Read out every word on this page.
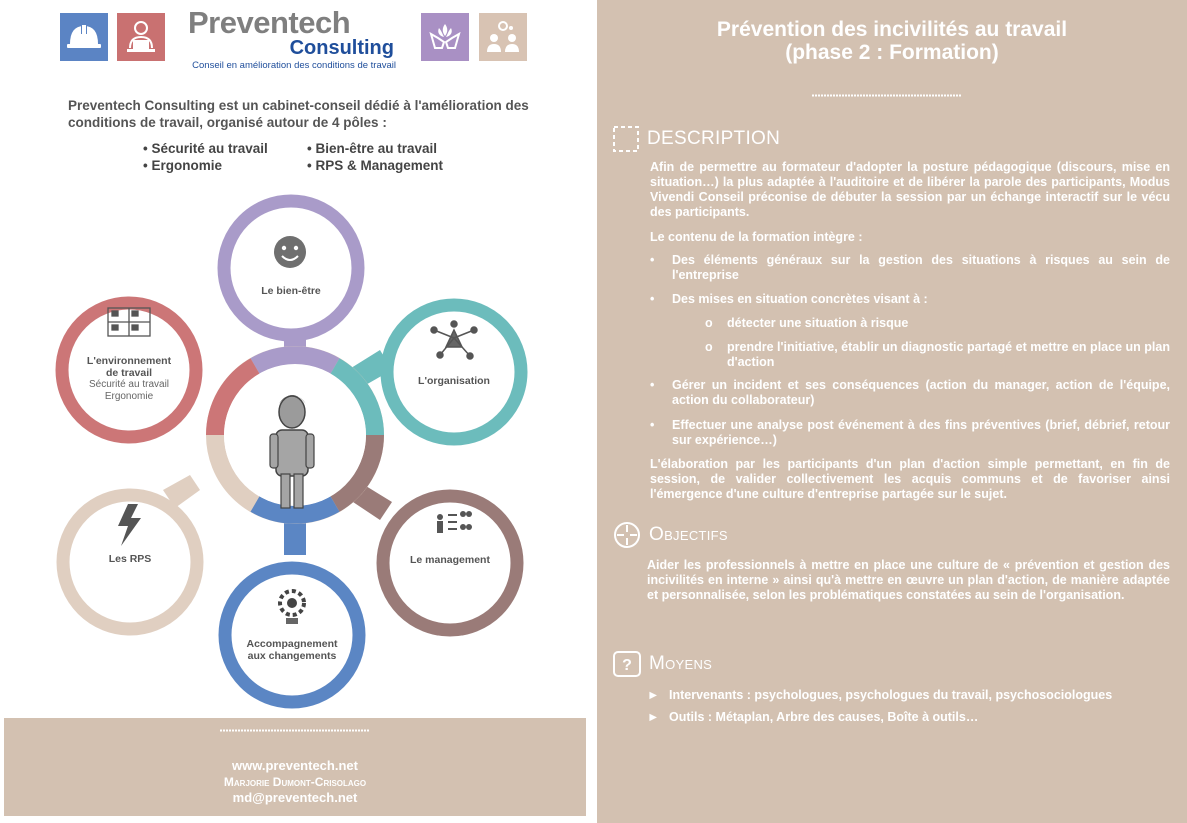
Preventech
Consulting
Conseil en amélioration des conditions de travail
Preventech Consulting est un cabinet-conseil dédié à l'amélioration des conditions de travail, organisé autour de 4 pôles :
• Sécurité au travail
• Ergonomie
• Bien-être au travail
• RPS & Management
Le bien-être
L'organisation
Le management
Accompagnement
aux changements
Les RPS
L'environnement
de travail
Sécurité au travail
Ergonomie
www.preventech.net
Marjorie Dumont-Crisolago
md@preventech.net
Prévention des incivilités au travail
(phase 2 : Formation)
DESCRIPTION
Afin de permettre au formateur d'adopter la posture pédagogique (discours, mise en situation…) la plus adaptée à l'auditoire et de libérer la parole des participants, Modus Vivendi Conseil préconise de débuter la session par un échange interactif sur le vécu des participants.
Le contenu de la formation intègre :
• Des éléments généraux sur la gestion des situations à risques au sein de l'entreprise
• Des mises en situation concrètes visant à :
o détecter une situation à risque
o prendre l'initiative, établir un diagnostic partagé et mettre en place un plan d'action
• Gérer un incident et ses conséquences (action du manager, action de l'équipe, action du collaborateur)
• Effectuer une analyse post événement à des fins préventives (brief, débrief, retour sur expérience…)
L'élaboration par les participants d'un plan d'action simple permettant, en fin de session, de valider collectivement les acquis communs et de favoriser ainsi l'émergence d'une culture d'entreprise partagée sur le sujet.
Objectifs
Aider les professionnels à mettre en place une culture de « prévention et gestion des incivilités en interne » ainsi qu'à mettre en œuvre un plan d'action, de manière adaptée et personnalisée, selon les problématiques constatées au sein de l'organisation.
? Moyens
► Intervenants : psychologues, psychologues du travail, psychosociologues
► Outils : Métaplan, Arbre des causes, Boîte à outils…
